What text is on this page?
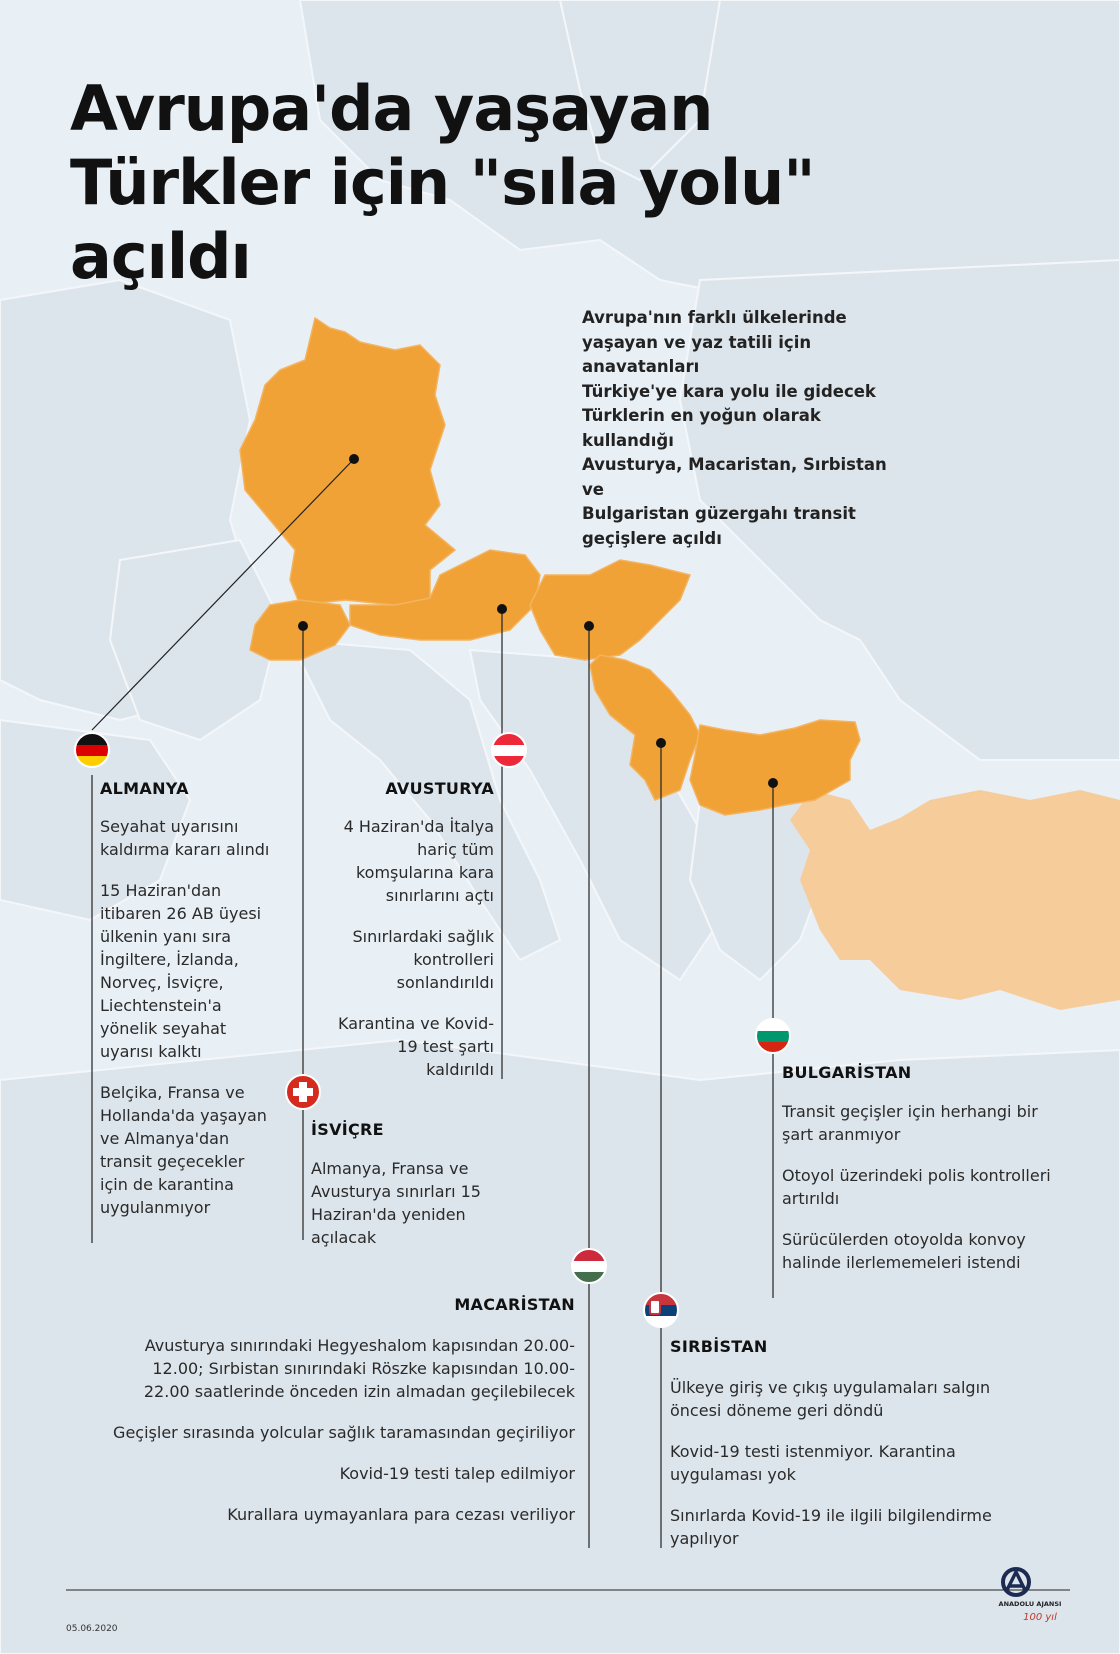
Avrupa'da yaşayan
Türkler için "sıla yolu"
açıldı

Avrupa'nın farklı ülkelerinde
yaşayan ve yaz tatili için anavatanları
Türkiye'ye kara yolu ile gidecek
Türklerin en yoğun olarak kullandığı
Avusturya, Macaristan, Sırbistan ve
Bulgaristan güzergahı transit
geçişlere açıldı

ALMANYA

Seyahat uyarısını kaldırma kararı alındı

15 Haziran'dan itibaren 26 AB üyesi ülkenin yanı sıra İngiltere, İzlanda, Norveç, İsviçre, Liechtenstein'a yönelik seyahat uyarısı kalktı

Belçika, Fransa ve Hollanda'da yaşayan ve Almanya'dan transit geçecekler için de karantina uygulanmıyor

AVUSTURYA

4 Haziran'da İtalya hariç tüm komşularına kara sınırlarını açtı

Sınırlardaki sağlık kontrolleri sonlandırıldı

Karantina ve Kovid-19 test şartı kaldırıldı

İSVİÇRE

Almanya, Fransa ve Avusturya sınırları 15 Haziran'da yeniden açılacak

BULGARİSTAN

Transit geçişler için herhangi bir şart aranmıyor

Otoyol üzerindeki polis kontrolleri artırıldı

Sürücülerden otoyolda konvoy halinde ilerlememeleri istendi

MACARİSTAN

Avusturya sınırındaki Hegyeshalom kapısından 20.00-12.00; Sırbistan sınırındaki Röszke kapısından 10.00-22.00 saatlerinde önceden izin almadan geçilebilecek

Geçişler sırasında yolcular sağlık taramasından geçiriliyor

Kovid-19 testi talep edilmiyor

Kurallara uymayanlara para cezası veriliyor

SIRBİSTAN

Ülkeye giriş ve çıkış uygulamaları salgın öncesi döneme geri döndü

Kovid-19 testi istenmiyor. Karantina uygulaması yok

Sınırlarda Kovid-19 ile ilgili bilgilendirme yapılıyor

05.06.2020
ANADOLU AJANSI
100 yıl
